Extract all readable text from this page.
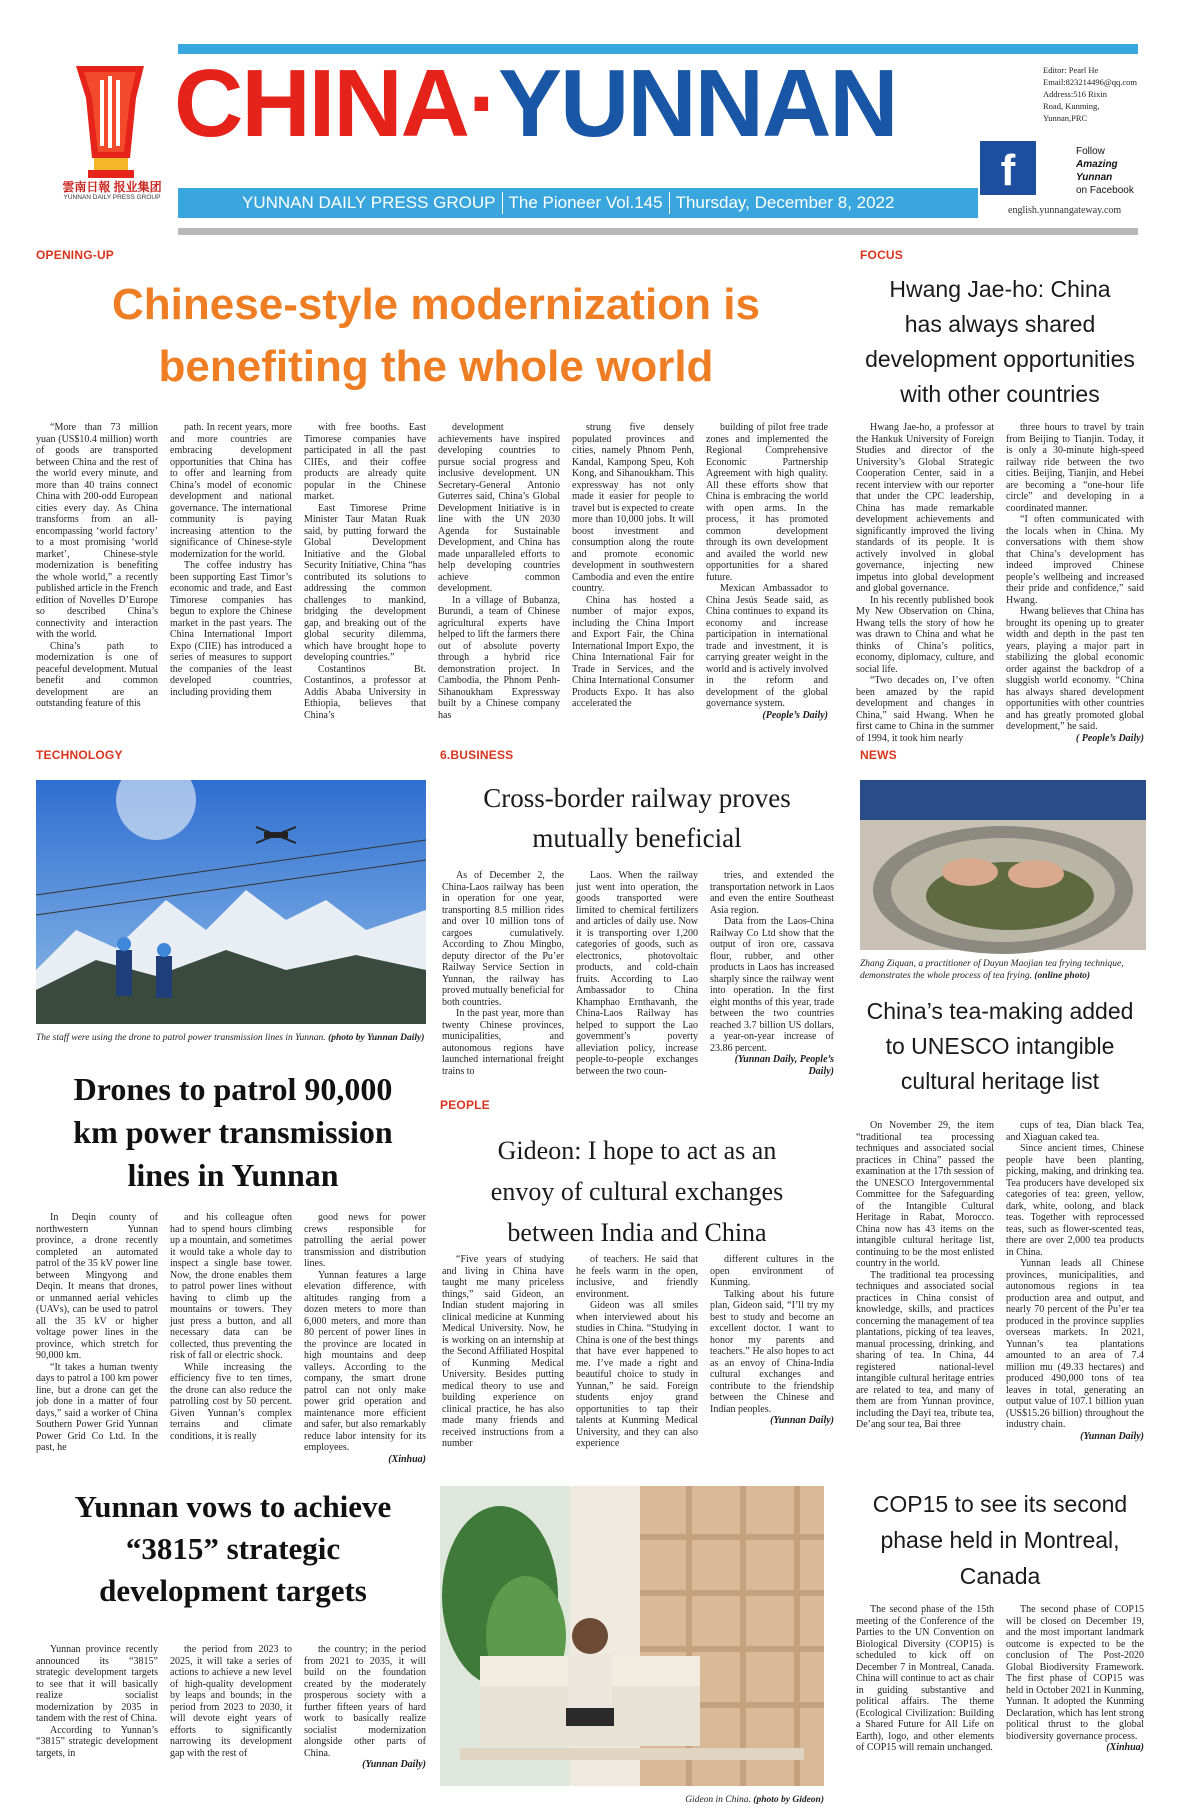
雲南日報 报业集团
YUNNAN DAILY PRESS GROUP
CHINA·YUNNAN
YUNNAN DAILY PRESS GROUP The Pioneer Vol.145 Thursday, December 8, 2022
Editor: Pearl He
Email:823214496@qq.com
Address:516 Rixin
Road, Kunming,
Yunnan,PRC
f	Follow
Amazing
Yunnan
on Facebook
english.yunnangateway.com
OPENING-UP
Chinese-style modernization is
benefiting the whole world

“More than 73 million yuan (US$10.4 million) worth of goods are transported between China and the rest of the world every minute, and more than 40 trains connect China with 200-odd European cities every day. As China transforms from an all-encompassing ‘world factory’ to a most promising ‘world market’, Chinese-style modernization is benefiting the whole world,” a recently published article in the French edition of Novelles D’Europe so described China’s connectivity and interaction with the world.

China’s path to modernization is one of peaceful development. Mutual benefit and common development are an outstanding feature of this

path. In recent years, more and more countries are embracing development opportunities that China has to offer and learning from China’s model of economic development and national governance. The international community is paying increasing attention to the significance of Chinese-style modernization for the world.

The coffee industry has been supporting East Timor’s economic and trade, and East Timorese companies has begun to explore the Chinese market in the past years. The China International Import Expo (CIIE) has introduced a series of measures to support the companies of the least developed countries, including providing them

with free booths. East Timorese companies have participated in all the past CIIEs, and their coffee products are already quite popular in the Chinese market.

East Timorese Prime Minister Taur Matan Ruak said, by putting forward the Global Development Initiative and the Global Security Initiative, China “has contributed its solutions to addressing the common challenges to mankind, bridging the development gap, and breaking out of the global security dilemma, which have brought hope to developing countries.”

Costantinos Bt. Costantinos, a professor at Addis Ababa University in Ethiopia, believes that China’s

development achievements have inspired developing countries to pursue social progress and inclusive development. UN Secretary-General Antonio Guterres said, China’s Global Development Initiative is in line with the UN 2030 Agenda for Sustainable Development, and China has made unparalleled efforts to help developing countries achieve common development.

In a village of Bubanza, Burundi, a team of Chinese agricultural experts have helped to lift the farmers there out of absolute poverty through a hybrid rice demonstration project. In Cambodia, the Phnom Penh-Sihanoukham Expressway built by a Chinese company has

strung five densely populated provinces and cities, namely Phnom Penh, Kandal, Kampong Speu, Koh Kong, and Sihanoukham. This expressway has not only made it easier for people to travel but is expected to create more than 10,000 jobs. It will boost investment and consumption along the route and promote economic development in southwestern Cambodia and even the entire country.

China has hosted a number of major expos, including the China Import and Export Fair, the China International Import Expo, the China International Fair for Trade in Services, and the China International Consumer Products Expo. It has also accelerated the

building of pilot free trade zones and implemented the Regional Comprehensive Economic Partnership Agreement with high quality. All these efforts show that China is embracing the world with open arms. In the process, it has promoted common development through its own development and availed the world new opportunities for a shared future.

Mexican Ambassador to China Jesús Seade said, as China continues to expand its economy and increase participation in international trade and investment, it is carrying greater weight in the world and is actively involved in the reform and development of the global governance system.

(People’s Daily)
FOCUS
Hwang Jae-ho: China
has always shared
development opportunities
with other countries

Hwang Jae-ho, a professor at the Hankuk University of Foreign Studies and director of the University’s Global Strategic Cooperation Center, said in a recent interview with our reporter that under the CPC leadership, China has made remarkable development achievements and significantly improved the living standards of its people. It is actively involved in global governance, injecting new impetus into global development and global governance.

In his recently published book My New Observation on China, Hwang tells the story of how he was drawn to China and what he thinks of China’s politics, economy, diplomacy, culture, and social life.

“Two decades on, I’ve often been amazed by the rapid development and changes in China,” said Hwang. When he first came to China in the summer of 1994, it took him nearly

three hours to travel by train from Beijing to Tianjin. Today, it is only a 30-minute high-speed railway ride between the two cities. Beijing, Tianjin, and Hebei are becoming a “one-hour life circle” and developing in a coordinated manner.

“I often communicated with the locals when in China. My conversations with them show that China’s development has indeed improved Chinese people’s wellbeing and increased their pride and confidence,” said Hwang.

Hwang believes that China has brought its opening up to greater width and depth in the past ten years, playing a major part in stabilizing the global economic order against the backdrop of a sluggish world economy. “China has always shared development opportunities with other countries and has greatly promoted global development,” he said.

( People’s Daily)
TECHNOLOGY
The staff were using the drone to patrol power transmission lines in Yunnan. (photo by Yunnan Daily)
Drones to patrol 90,000
km power transmission
lines in Yunnan

In Deqin county of northwestern Yunnan province, a drone recently completed an automated patrol of the 35 kV power line between Mingyong and Deqin. It means that drones, or unmanned aerial vehicles (UAVs), can be used to patrol all the 35 kV or higher voltage power lines in the province, which stretch for 90,000 km.

“It takes a human twenty days to patrol a 100 km power line, but a drone can get the job done in a matter of four days,” said a worker of China Southern Power Grid Yunnan Power Grid Co Ltd. In the past, he

and his colleague often had to spend hours climbing up a mountain, and sometimes it would take a whole day to inspect a single base tower. Now, the drone enables them to patrol power lines without having to climb up the mountains or towers. They just press a button, and all necessary data can be collected, thus preventing the risk of fall or electric shock.

While increasing the efficiency five to ten times, the drone can also reduce the patrolling cost by 50 percent. Given Yunnan’s complex terrains and climate conditions, it is really

good news for power crews responsible for patrolling the aerial power transmission and distribution lines.

Yunnan features a large elevation difference, with altitudes ranging from a dozen meters to more than 6,000 meters, and more than 80 percent of power lines in the province are located in high mountains and deep valleys. According to the company, the smart drone patrol can not only make power grid operation and maintenance more efficient and safer, but also remarkably reduce labor intensity for its employees.

(Xinhua)
6.BUSINESS
Cross-border railway proves
mutually beneficial

As of December 2, the China-Laos railway has been in operation for one year, transporting 8.5 million rides and over 10 million tons of cargoes cumulatively. According to Zhou Mingbo, deputy director of the Pu’er Railway Service Section in Yunnan, the railway has proved mutually beneficial for both countries.

In the past year, more than twenty Chinese provinces, municipalities, and autonomous regions have launched international freight trains to

Laos. When the railway just went into operation, the goods transported were limited to chemical fertilizers and articles of daily use. Now it is transporting over 1,200 categories of goods, such as electronics, photovoltaic products, and cold-chain fruits. According to Lao Ambassador to China Khamphao Ernthavanh, the China-Laos Railway has helped to support the Lao government’s poverty alleviation policy, increase people-to-people exchanges between the two coun-

tries, and extended the transportation network in Laos and even the entire Southeast Asia region.

Data from the Laos-China Railway Co Ltd show that the output of iron ore, cassava flour, rubber, and other products in Laos has increased sharply since the railway went into operation. In the first eight months of this year, trade between the two countries reached 3.7 billion US dollars, a year-on-year increase of 23.86 percent.

(Yunnan Daily, People’s Daily)
NEWS
Zhang Ziquan, a practitioner of Duyun Maojian tea frying technique, demonstrates the whole process of tea frying. (online photo)
China’s tea-making added
to UNESCO intangible
cultural heritage list

On November 29, the item “traditional tea processing techniques and associated social practices in China” passed the examination at the 17th session of the UNESCO Intergovernmental Committee for the Safeguarding of the Intangible Cultural Heritage in Rabat, Morocco. China now has 43 items on the intangible cultural heritage list, continuing to be the most enlisted country in the world.

The traditional tea processing techniques and associated social practices in China consist of knowledge, skills, and practices concerning the management of tea plantations, picking of tea leaves, manual processing, drinking, and sharing of tea. In China, 44 registered national-level intangible cultural heritage entries are related to tea, and many of them are from Yunnan province, including the Dayi tea, tribute tea, De’ang sour tea, Bai three

cups of tea, Dian black Tea, and Xiaguan caked tea.

Since ancient times, Chinese people have been planting, picking, making, and drinking tea. Tea producers have developed six categories of tea: green, yellow, dark, white, oolong, and black teas. Together with reprocessed teas, such as flower-scented teas, there are over 2,000 tea products in China.

Yunnan leads all Chinese provinces, municipalities, and autonomous regions in tea production area and output, and nearly 70 percent of the Pu’er tea produced in the province supplies overseas markets. In 2021, Yunnan’s tea plantations amounted to an area of 7.4 million mu (49.33 hectares) and produced 490,000 tons of tea leaves in total, generating an output value of 107.1 billion yuan (US$15.26 billion) throughout the industry chain.

(Yunnan Daily)
PEOPLE
Gideon: I hope to act as an
envoy of cultural exchanges
between India and China

“Five years of studying and living in China have taught me many priceless things,” said Gideon, an Indian student majoring in clinical medicine at Kunming Medical University. Now, he is working on an internship at the Second Affiliated Hospital of Kunming Medical University. Besides putting medical theory to use and building experience on clinical practice, he has also made many friends and received instructions from a number

of teachers. He said that he feels warm in the open, inclusive, and friendly environment.

Gideon was all smiles when interviewed about his studies in China. “Studying in China is one of the best things that have ever happened to me. I’ve made a right and beautiful choice to study in Yunnan,” he said. Foreign students enjoy grand opportunities to tap their talents at Kunming Medical University, and they can also experience

different cultures in the open environment of Kunming.

Talking about his future plan, Gideon said, “I’ll try my best to study and become an excellent doctor. I want to honor my parents and teachers.” He also hopes to act as an envoy of China-India cultural exchanges and contribute to the friendship between the Chinese and Indian peoples.

(Yunnan Daily)
Yunnan vows to achieve
“3815” strategic
development targets

Yunnan province recently announced its “3815” strategic development targets to see that it will basically realize socialist modernization by 2035 in tandem with the rest of China.

According to Yunnan’s “3815” strategic development targets, in

the period from 2023 to 2025, it will take a series of actions to achieve a new level of high-quality development by leaps and bounds; in the period from 2023 to 2030, it will devote eight years of efforts to significantly narrowing its development gap with the rest of

the country; in the period from 2021 to 2035, it will build on the foundation created by the moderately prosperous society with a further fifteen years of hard work to basically realize socialist modernization alongside other parts of China.

(Yunnan Daily)
Gideon in China. (photo by Gideon)
COP15 to see its second
phase held in Montreal,
Canada

The second phase of the 15th meeting of the Conference of the Parties to the UN Convention on Biological Diversity (COP15) is scheduled to kick off on December 7 in Montreal, Canada. China will continue to act as chair in guiding substantive and political affairs. The theme (Ecological Civilization: Building a Shared Future for All Life on Earth), logo, and other elements of COP15 will remain unchanged.

The second phase of COP15 will be closed on December 19, and the most important landmark outcome is expected to be the conclusion of The Post-2020 Global Biodiversity Framework. The first phase of COP15 was held in October 2021 in Kunming, Yunnan. It adopted the Kunming Declaration, which has lent strong political thrust to the global biodiversity governance process.

(Xinhua)
